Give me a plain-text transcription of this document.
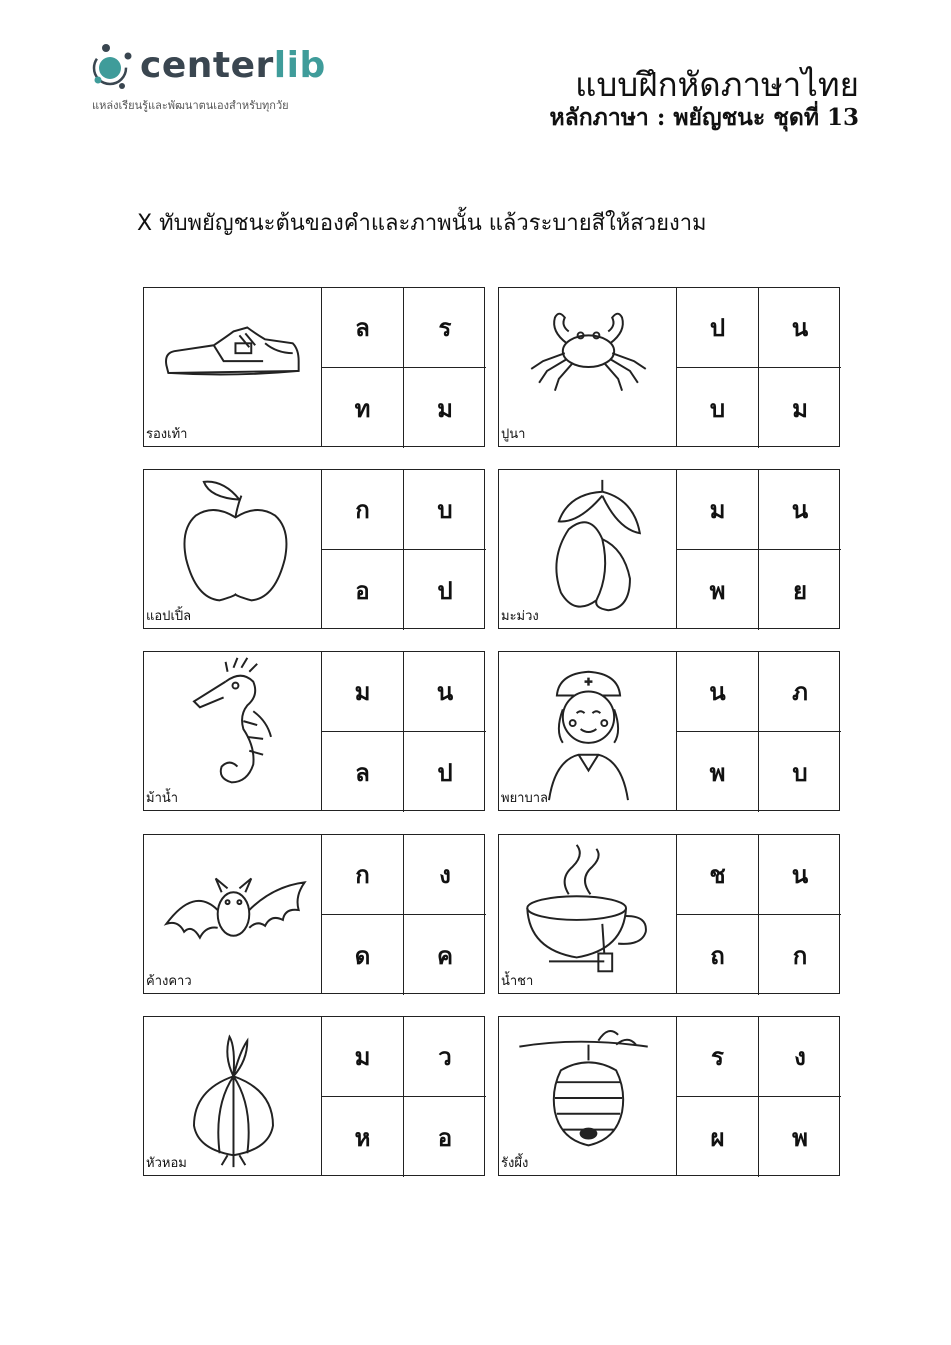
centerlib
แหล่งเรียนรู้และพัฒนาตนเองสำหรับทุกวัย
แบบฝึกหัดภาษาไทย
หลักภาษา : พยัญชนะ ชุดที่ 13
X ทับพยัญชนะต้นของคำและภาพนั้น แล้วระบายสีให้สวยงาม
รองเท้า
ล	ร
ท	ม
ปูนา
ป	น
บ	ม
แอปเปิ้ล
ก	บ
อ	ป
มะม่วง
ม	น
พ	ย
ม้าน้ำ
ม	น
ล	ป
พยาบาล
น	ภ
พ	บ
ค้างคาว
ก	ง
ด	ค
น้ำชา
ช	น
ถ	ก
หัวหอม
ม	ว
ห	อ
รังผึ้ง
ร	ง
ผ	พ
